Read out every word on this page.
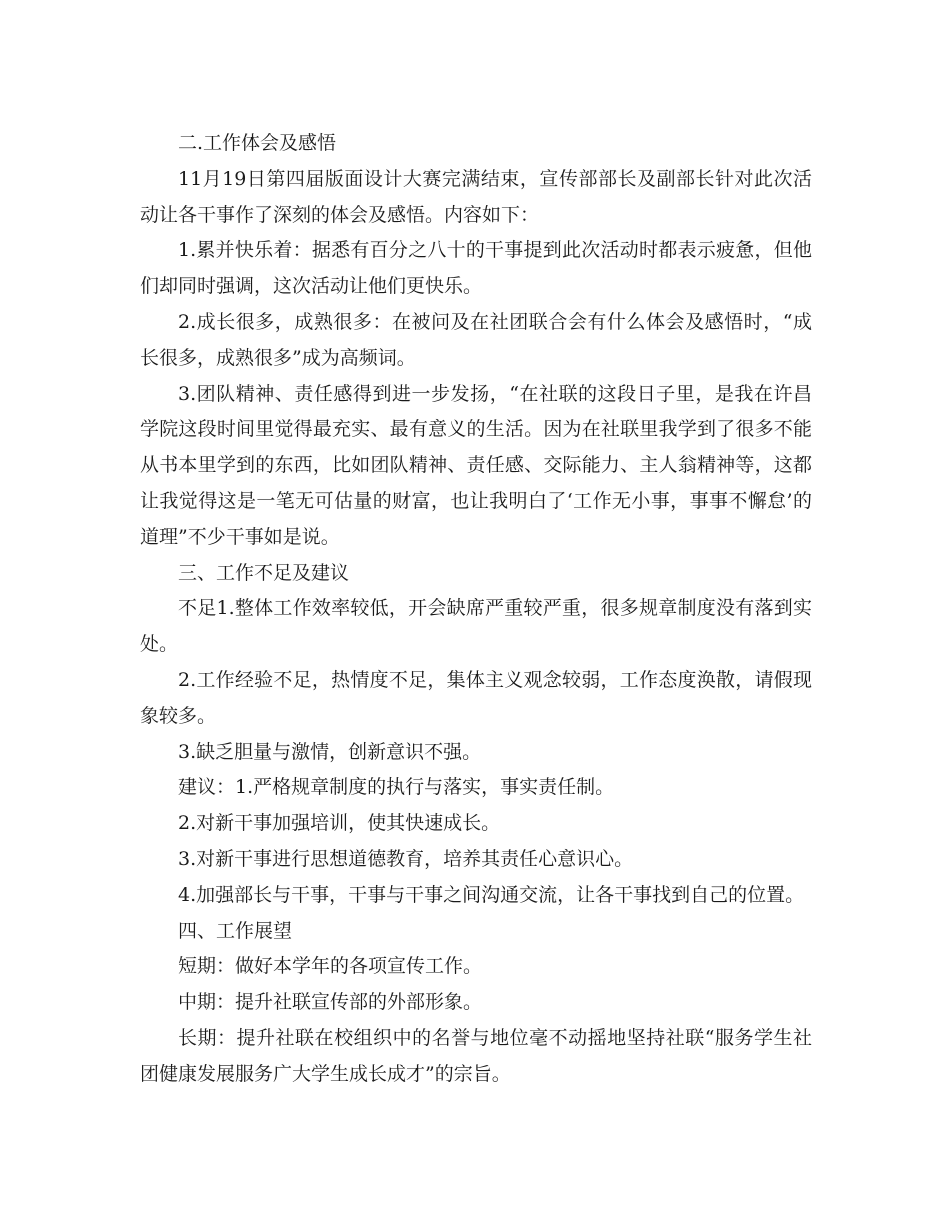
二.工作体会及感悟

11月19日第四届版面设计大赛完满结束，宣传部部长及副部长针对此次活动让各干事作了深刻的体会及感悟。内容如下：

1.累并快乐着：据悉有百分之八十的干事提到此次活动时都表示疲惫，但他们却同时强调，这次活动让他们更快乐。

2.成长很多，成熟很多：在被问及在社团联合会有什么体会及感悟时，“成长很多，成熟很多”成为高频词。

3.团队精神、责任感得到进一步发扬，“在社联的这段日子里，是我在许昌学院这段时间里觉得最充实、最有意义的生活。因为在社联里我学到了很多不能从书本里学到的东西，比如团队精神、责任感、交际能力、主人翁精神等，这都让我觉得这是一笔无可估量的财富，也让我明白了‘工作无小事，事事不懈怠’的道理”不少干事如是说。

三、工作不足及建议

不足1.整体工作效率较低，开会缺席严重较严重，很多规章制度没有落到实处。

2.工作经验不足，热情度不足，集体主义观念较弱，工作态度涣散，请假现象较多。

3.缺乏胆量与激情，创新意识不强。

建议：1.严格规章制度的执行与落实，事实责任制。

2.对新干事加强培训，使其快速成长。

3.对新干事进行思想道德教育，培养其责任心意识心。

4.加强部长与干事，干事与干事之间沟通交流，让各干事找到自己的位置。

四、工作展望

短期：做好本学年的各项宣传工作。

中期：提升社联宣传部的外部形象。

长期：提升社联在校组织中的名誉与地位毫不动摇地坚持社联“服务学生社团健康发展服务广大学生成长成才”的宗旨。
